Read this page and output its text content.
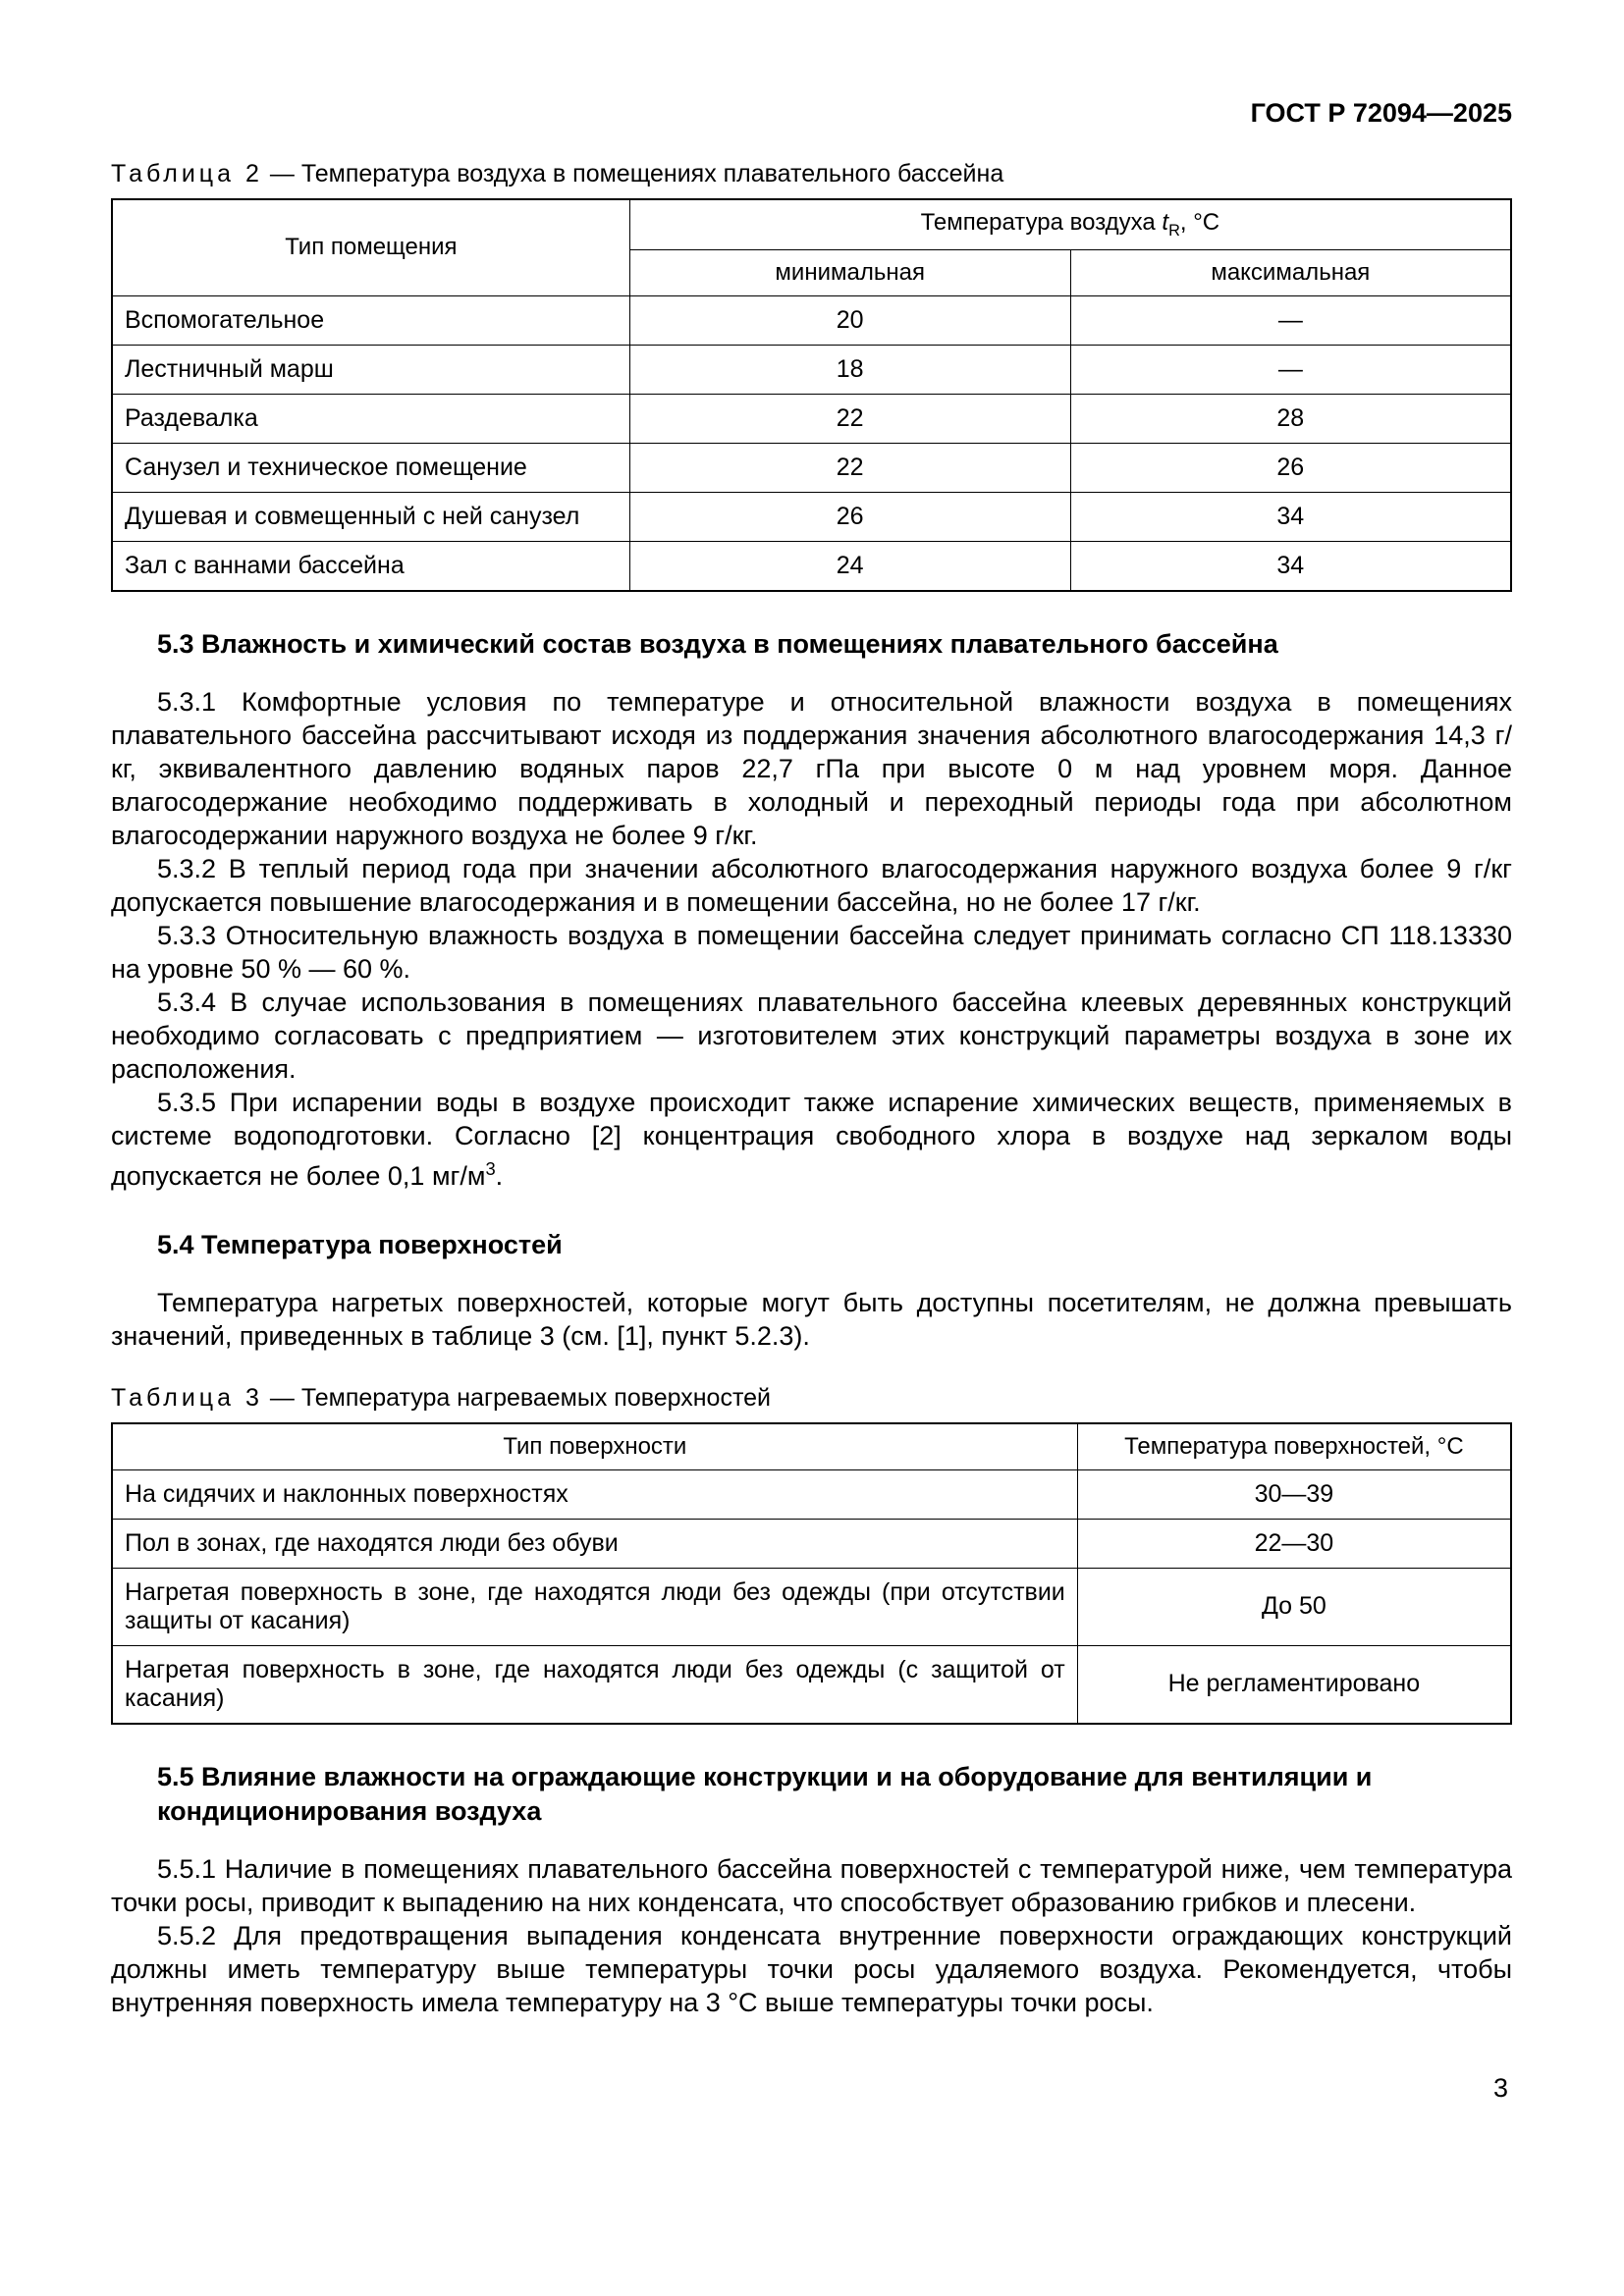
ГОСТ Р 72094—2025

Таблица 2 — Температура воздуха в помещениях плавательного бассейна

Тип помещения	Температура воздуха $t_R$, °С	
	минимальная	максимальная
Вспомогательное	20	—
Лестничный марш	18	—
Раздевалка	22	28
Санузел и техническое помещение	22	26
Душевая и совмещенный с ней санузел	26	34
Зал с ваннами бассейна	24	34
5.3 Влажность и химический состав воздуха в помещениях плавательного бассейна

5.3.1 Комфортные условия по температуре и относительной влажности воздуха в помещениях плавательного бассейна рассчитывают исходя из поддержания значения абсолютного влагосодержания 14,3 г/кг, эквивалентного давлению водяных паров 22,7 гПа при высоте 0 м над уровнем моря. Данное влагосодержание необходимо поддерживать в холодный и переходный периоды года при абсолютном влагосодержании наружного воздуха не более 9 г/кг.

5.3.2 В теплый период года при значении абсолютного влагосодержания наружного воздуха более 9 г/кг допускается повышение влагосодержания и в помещении бассейна, но не более 17 г/кг.

5.3.3 Относительную влажность воздуха в помещении бассейна следует принимать согласно СП 118.13330 на уровне 50 % — 60 %.

5.3.4 В случае использования в помещениях плавательного бассейна клеевых деревянных конструкций необходимо согласовать с предприятием — изготовителем этих конструкций параметры воздуха в зоне их расположения.

5.3.5 При испарении воды в воздухе происходит также испарение химических веществ, применяемых в системе водоподготовки. Согласно [2] концентрация свободного хлора в воздухе над зеркалом воды допускается не более 0,1 $мг/м^3$.

5.4 Температура поверхностей

Температура нагретых поверхностей, которые могут быть доступны посетителям, не должна превышать значений, приведенных в таблице 3 (см. [1], пункт 5.2.3).

Таблица 3 — Температура нагреваемых поверхностей

Тип поверхности	Температура поверхностей, °С
На сидячих и наклонных поверхностях	30—39
Пол в зонах, где находятся люди без обуви	22—30
Нагретая поверхность в зоне, где находятся люди без одежды (при отсутствии защиты от касания)	До 50
Нагретая поверхность в зоне, где находятся люди без одежды (с защитой от касания)	Не регламентировано
5.5 Влияние влажности на ограждающие конструкции и на оборудование для вентиляции и кондиционирования воздуха

5.5.1 Наличие в помещениях плавательного бассейна поверхностей с температурой ниже, чем температура точки росы, приводит к выпадению на них конденсата, что способствует образованию грибков и плесени.

5.5.2 Для предотвращения выпадения конденсата внутренние поверхности ограждающих конструкций должны иметь температуру выше температуры точки росы удаляемого воздуха. Рекомендуется, чтобы внутренняя поверхность имела температуру на 3 °С выше температуры точки росы.

3
